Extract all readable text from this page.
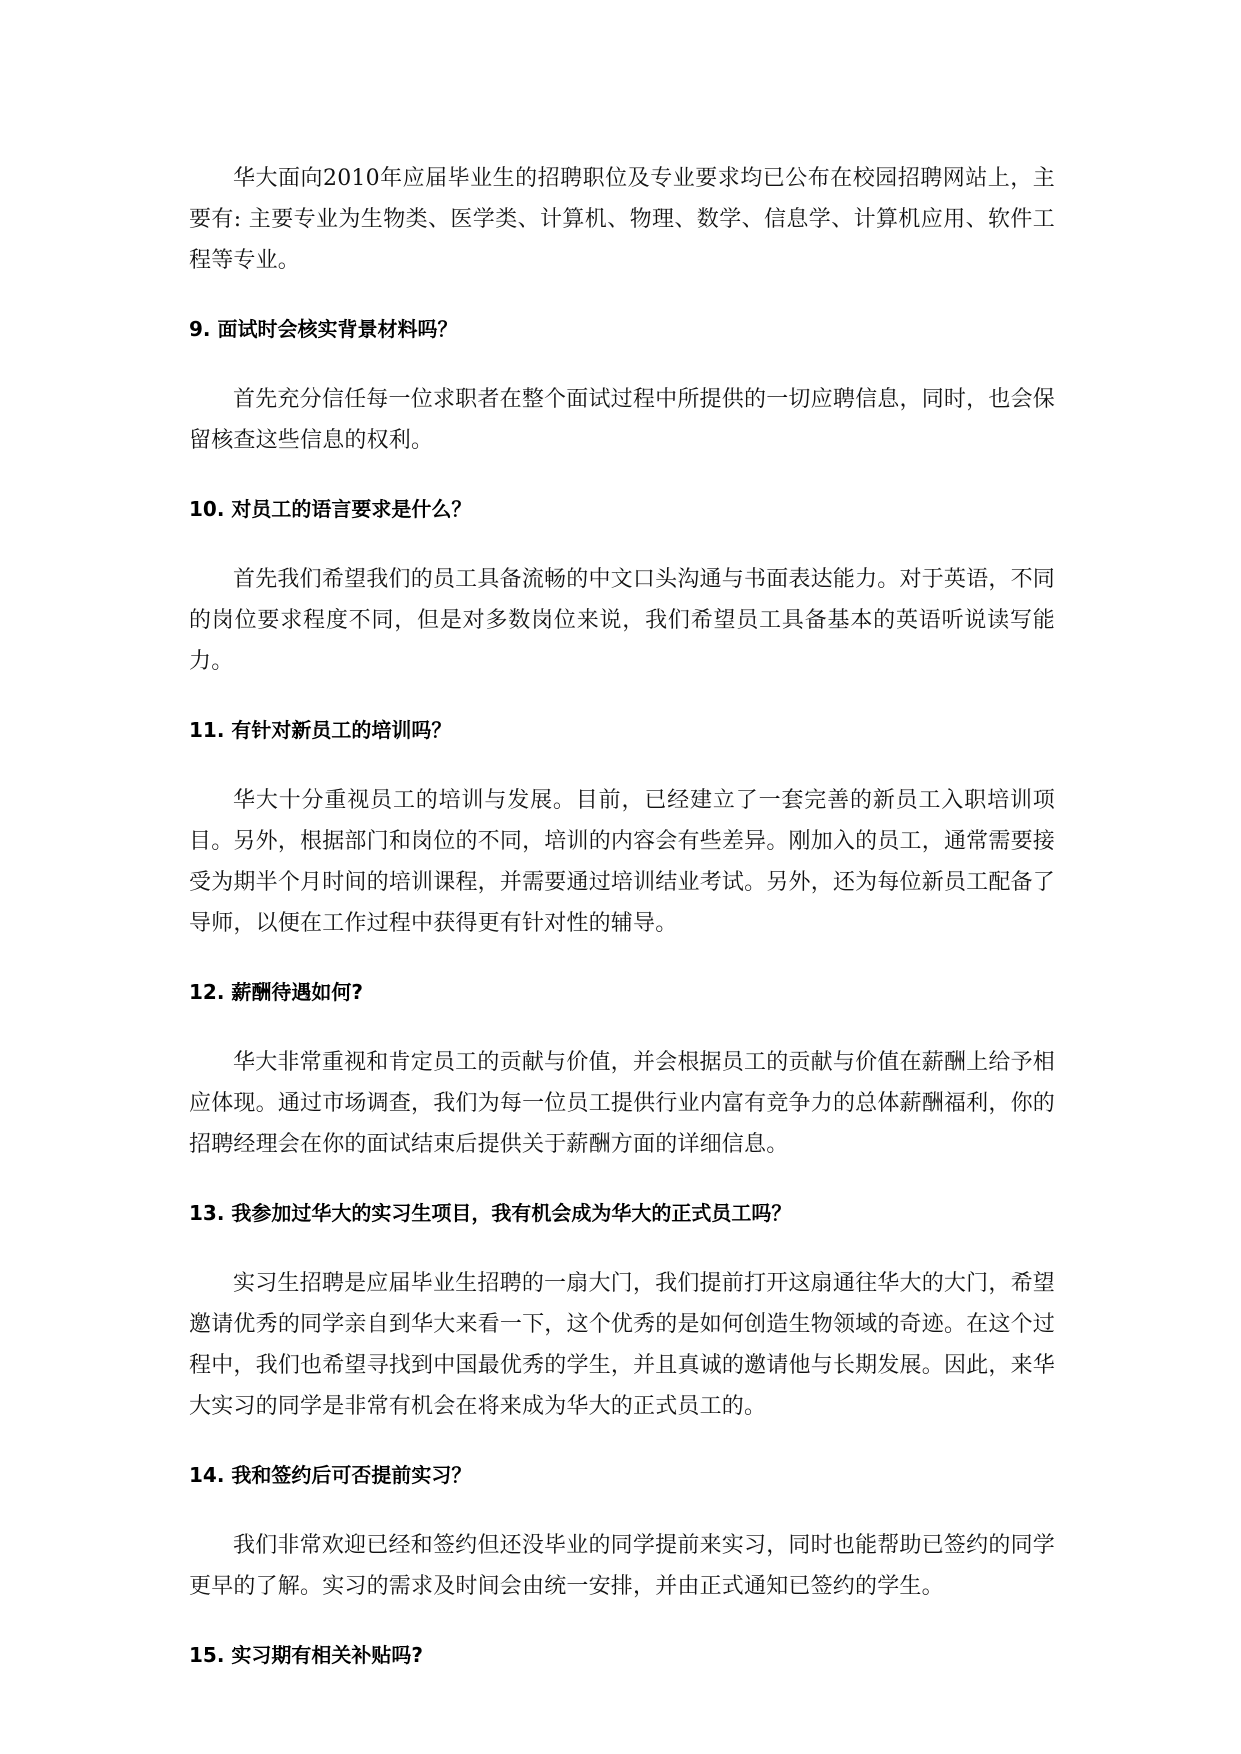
华大面向2010年应届毕业生的招聘职位及专业要求均已公布在校园招聘网站上，主要有: 主要专业为生物类、医学类、计算机、物理、数学、信息学、计算机应用、软件工程等专业。

9. 面试时会核实背景材料吗？

首先充分信任每一位求职者在整个面试过程中所提供的一切应聘信息，同时，也会保留核查这些信息的权利。

10. 对员工的语言要求是什么？

首先我们希望我们的员工具备流畅的中文口头沟通与书面表达能力。对于英语，不同的岗位要求程度不同，但是对多数岗位来说，我们希望员工具备基本的英语听说读写能力。

11. 有针对新员工的培训吗？

华大十分重视员工的培训与发展。目前，已经建立了一套完善的新员工入职培训项目。另外，根据部门和岗位的不同，培训的内容会有些差异。刚加入的员工，通常需要接受为期半个月时间的培训课程，并需要通过培训结业考试。另外，还为每位新员工配备了导师，以便在工作过程中获得更有针对性的辅导。

12. 薪酬待遇如何?

华大非常重视和肯定员工的贡献与价值，并会根据员工的贡献与价值在薪酬上给予相应体现。通过市场调查，我们为每一位员工提供行业内富有竞争力的总体薪酬福利，你的招聘经理会在你的面试结束后提供关于薪酬方面的详细信息。

13. 我参加过华大的实习生项目，我有机会成为华大的正式员工吗？

实习生招聘是应届毕业生招聘的一扇大门，我们提前打开这扇通往华大的大门，希望邀请优秀的同学亲自到华大来看一下，这个优秀的是如何创造生物领域的奇迹。在这个过程中，我们也希望寻找到中国最优秀的学生，并且真诚的邀请他与长期发展。因此，来华大实习的同学是非常有机会在将来成为华大的正式员工的。

14. 我和签约后可否提前实习？

我们非常欢迎已经和签约但还没毕业的同学提前来实习，同时也能帮助已签约的同学更早的了解。实习的需求及时间会由统一安排，并由正式通知已签约的学生。

15. 实习期有相关补贴吗?
